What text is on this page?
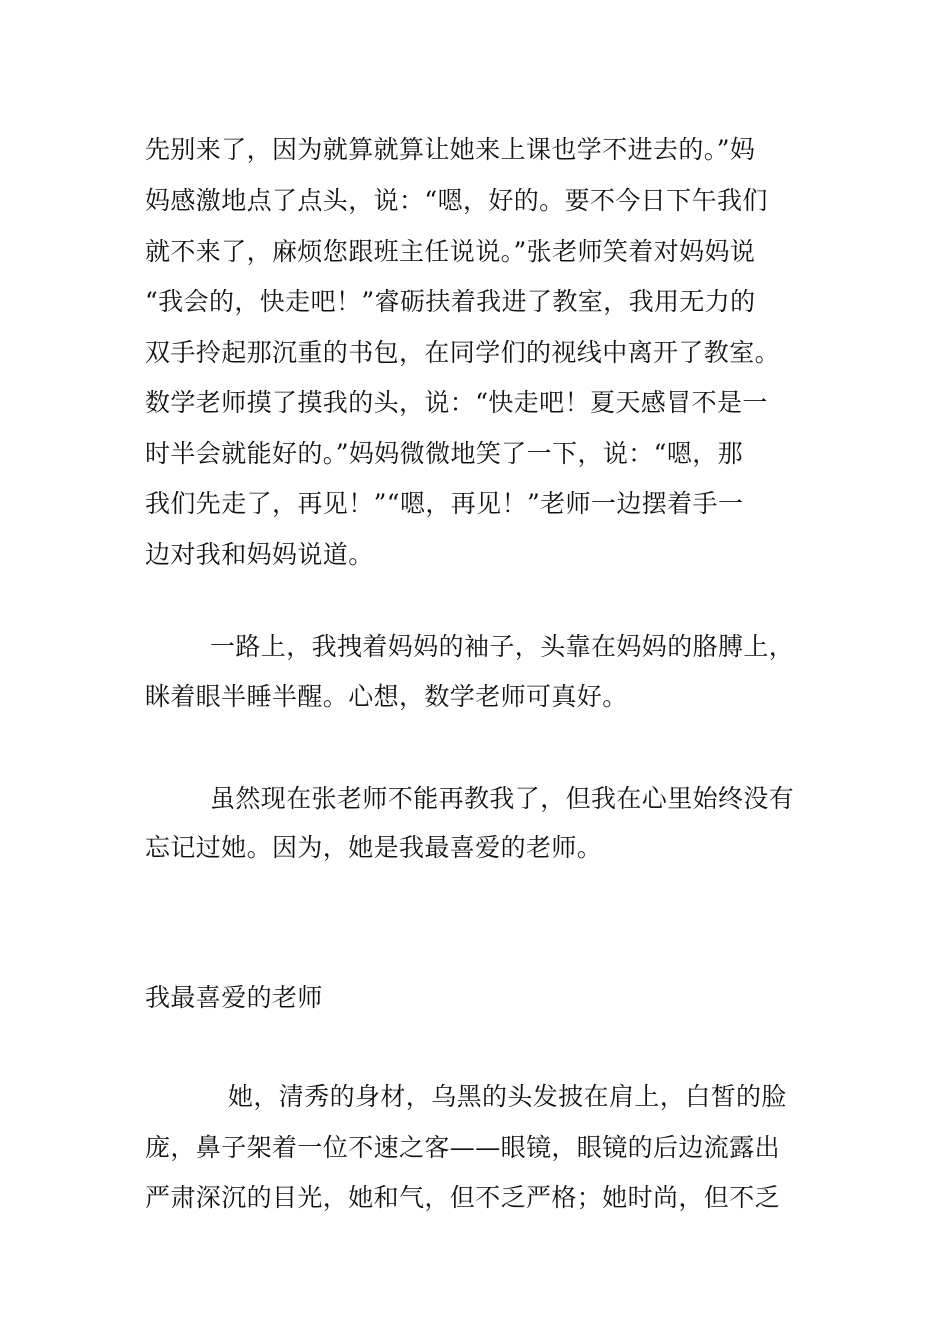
先别来了，因为就算就算让她来上课也学不进去的。”妈
妈感激地点了点头，说：“嗯，好的。要不今日下午我们
就不来了，麻烦您跟班主任说说。”张老师笑着对妈妈说
“我会的，快走吧！”睿砺扶着我进了教室，我用无力的
双手拎起那沉重的书包，在同学们的视线中离开了教室。
数学老师摸了摸我的头，说：“快走吧！夏天感冒不是一
时半会就能好的。”妈妈微微地笑了一下，说：“嗯，那
我们先走了，再见！”“嗯，再见！”老师一边摆着手一
边对我和妈妈说道。
一路上，我拽着妈妈的袖子，头靠在妈妈的胳膊上，
眯着眼半睡半醒。心想，数学老师可真好。
虽然现在张老师不能再教我了，但我在心里始终没有
忘记过她。因为，她是我最喜爱的老师。
我最喜爱的老师
她，清秀的身材，乌黑的头发披在肩上，白皙的脸
庞，鼻子架着一位不速之客——眼镜，眼镜的后边流露出
严肃深沉的目光，她和气，但不乏严格；她时尚，但不乏
